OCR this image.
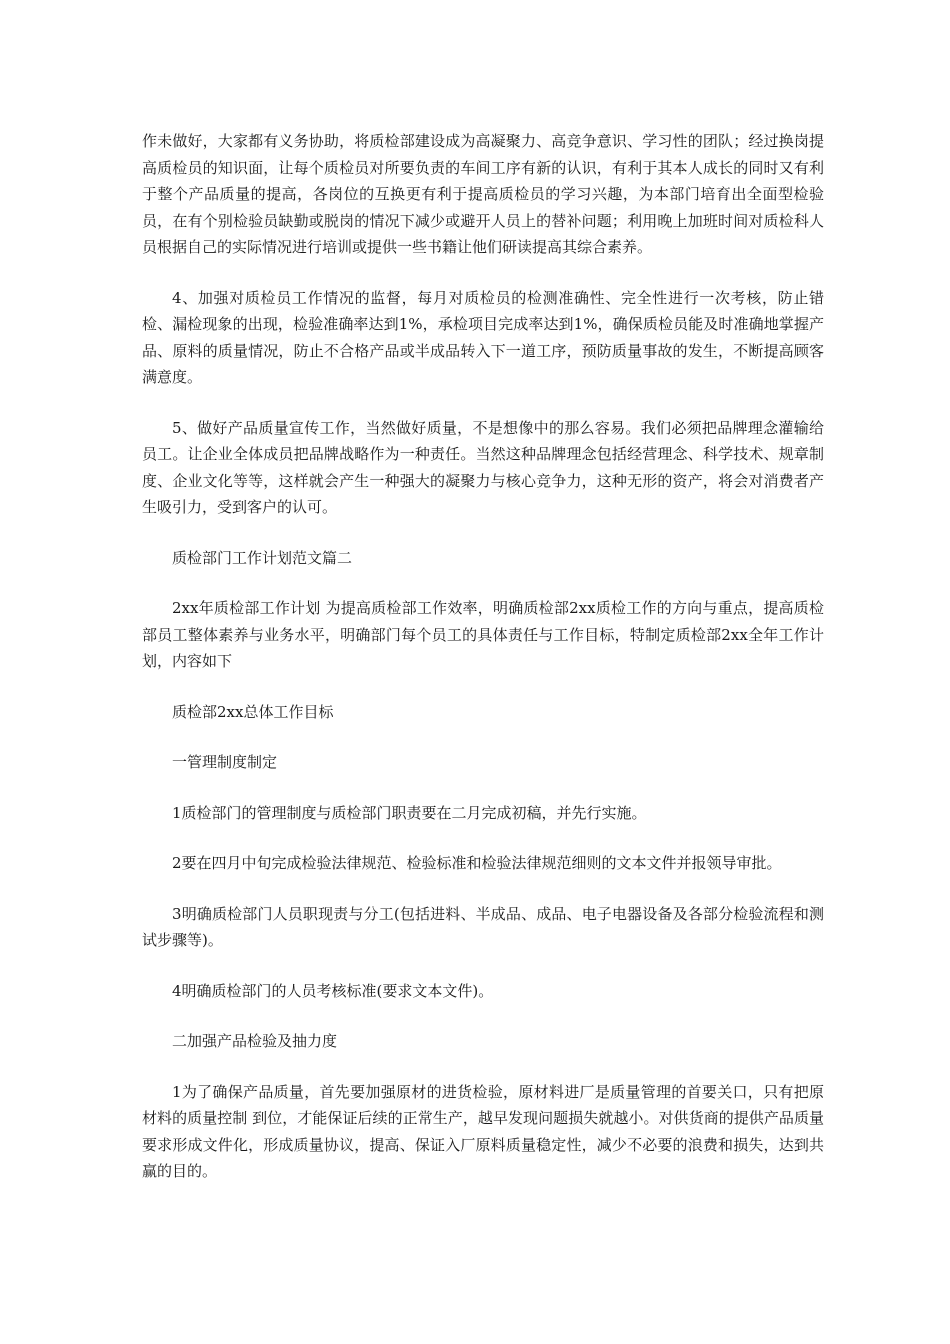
作未做好，大家都有义务协助，将质检部建设成为高凝聚力、高竞争意识、学习性的团队；经过换岗提高质检员的知识面，让每个质检员对所要负责的车间工序有新的认识，有利于其本人成长的同时又有利于整个产品质量的提高，各岗位的互换更有利于提高质检员的学习兴趣，为本部门培育出全面型检验员，在有个别检验员缺勤或脱岗的情况下减少或避开人员上的替补问题；利用晚上加班时间对质检科人员根据自己的实际情况进行培训或提供一些书籍让他们研读提高其综合素养。

4、加强对质检员工作情况的监督，每月对质检员的检测准确性、完全性进行一次考核，防止错检、漏检现象的出现，检验准确率达到1%，承检项目完成率达到1%，确保质检员能及时准确地掌握产品、原料的质量情况，防止不合格产品或半成品转入下一道工序，预防质量事故的发生，不断提高顾客满意度。

5、做好产品质量宣传工作，当然做好质量，不是想像中的那么容易。我们必须把品牌理念灌输给员工。让企业全体成员把品牌战略作为一种责任。当然这种品牌理念包括经营理念、科学技术、规章制度、企业文化等等，这样就会产生一种强大的凝聚力与核心竞争力，这种无形的资产，将会对消费者产生吸引力，受到客户的认可。

质检部门工作计划范文篇二

2xx年质检部工作计划 为提高质检部工作效率，明确质检部2xx质检工作的方向与重点，提高质检部员工整体素养与业务水平，明确部门每个员工的具体责任与工作目标，特制定质检部2xx全年工作计划，内容如下

质检部2xx总体工作目标

一管理制度制定

1质检部门的管理制度与质检部门职责要在二月完成初稿，并先行实施。

2要在四月中旬完成检验法律规范、检验标准和检验法律规范细则的文本文件并报领导审批。

3明确质检部门人员职现责与分工(包括进料、半成品、成品、电子电器设备及各部分检验流程和测试步骤等)。

4明确质检部门的人员考核标准(要求文本文件)。

二加强产品检验及抽力度

1为了确保产品质量，首先要加强原材的进货检验，原材料进厂是质量管理的首要关口，只有把原材料的质量控制 到位，才能保证后续的正常生产，越早发现问题损失就越小。对供货商的提供产品质量要求形成文件化，形成质量协议，提高、保证入厂原料质量稳定性，减少不必要的浪费和损失，达到共赢的目的。
